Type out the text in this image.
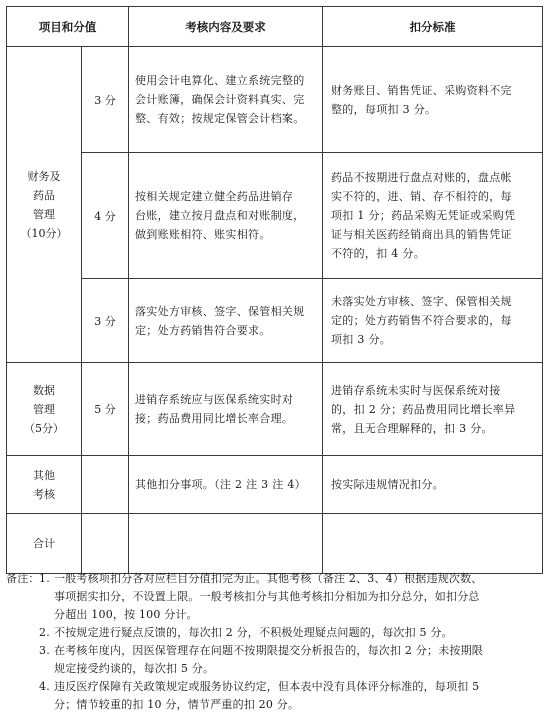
项目和分值		考核内容及要求	扣分标准

财务及
药品
管理
（10分）	3 分	使用会计电算化、建立系统完整的
会计账簿，确保会计资料真实、完
整、有效；按规定保管会计档案。	财务账目、销售凭证、采购资料不完
整的，每项扣 3 分。

	4 分	按相关规定建立健全药品进销存
台账，建立按月盘点和对账制度，
做到账账相符、账实相符。	药品不按期进行盘点对账的，盘点帐
实不符的，进、销、存不相符的，每
项扣 1 分；药品采购无凭证或采购凭
证与相关医药经销商出具的销售凭证
不符的，扣 4 分。

	3 分	落实处方审核、签字、保管相关规
定；处方药销售符合要求。	未落实处方审核、签字、保管相关规
定的；处方药销售不符合要求的，每
项扣 3 分。

数据
管理
（5分）	5 分	进销存系统应与医保系统实时对
接；药品费用同比增长率合理。	进销存系统未实时与医保系统对接
的，扣 2 分；药品费用同比增长率异
常，且无合理解释的，扣 3 分。

其他
考核		其他扣分事项。（注 2 注 3 注 4）	按实际违规情况扣分。

合计			

备注： 1. 一般考核项扣分各对应栏目分值扣完为止。其他考核（备注 2、3、4）根据违规次数、
事项据实扣分，不设置上限。一般考核扣分与其他考核扣分相加为扣分总分，如扣分总
分超出 100，按 100 分计。
2. 不按规定进行疑点反馈的，每次扣 2 分，不积极处理疑点问题的，每次扣 5 分。
3. 在考核年度内，因医保管理存在问题不按期限提交分析报告的，每次扣 2 分；未按期限
规定接受约谈的，每次扣 5 分。
4. 违反医疗保障有关政策规定或服务协议约定，但本表中没有具体评分标准的，每项扣 5
分；情节较重的扣 10 分，情节严重的扣 20 分。
